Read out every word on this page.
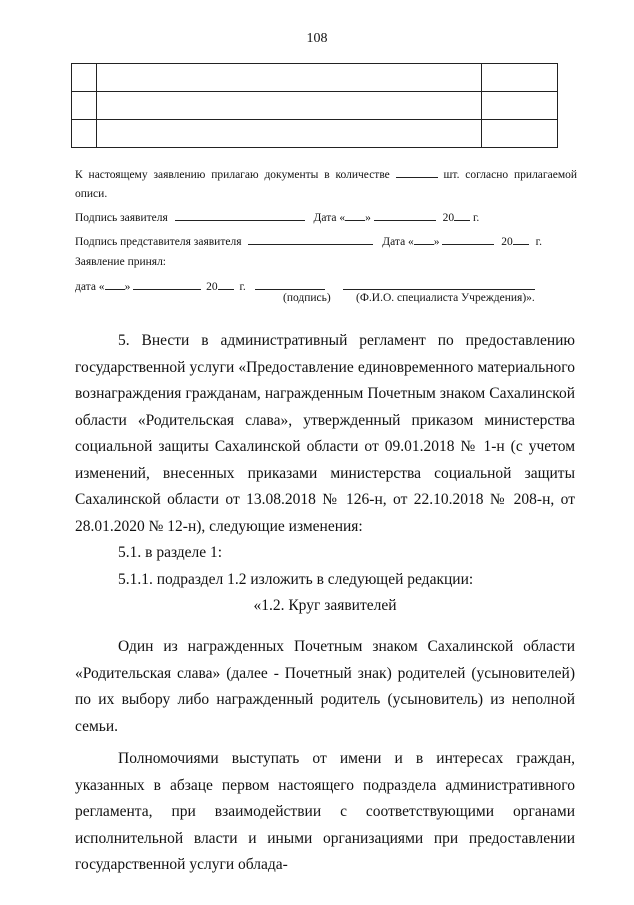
108

К настоящему заявлению прилагаю документы в количестве	шт. согласно прилагаемой описи.
Подпись заявителя	Дата « »	20 г.
Подпись представителя заявителя	Дата « »	20 г.
Заявление принял:
дата « »	20 г.
(подпись) (Ф.И.О. специалиста Учреждения)».

5. Внести в административный регламент по предоставлению государственной услуги «Предоставление единовременного материального вознаграждения гражданам, награжденным Почетным знаком Сахалинской области «Родительская слава», утвержденный приказом министерства социальной защиты Сахалинской области от 09.01.2018 № 1-н (с учетом изменений, внесенных приказами министерства социальной защиты Сахалинской области от 13.08.2018 № 126-н, от 22.10.2018 № 208-н, от 28.01.2020 № 12-н), следующие изменения:

5.1. в разделе 1:

5.1.1. подраздел 1.2 изложить в следующей редакции:

«1.2. Круг заявителей

Один из награжденных Почетным знаком Сахалинской области «Родительская слава» (далее - Почетный знак) родителей (усыновителей) по их выбору либо награжденный родитель (усыновитель) из неполной семьи.

Полномочиями выступать от имени и в интересах граждан, указанных в абзаце первом настоящего подраздела административного регламента, при взаимодействии с соответствующими органами исполнительной власти и иными организациями при предоставлении государственной услуги облада-
